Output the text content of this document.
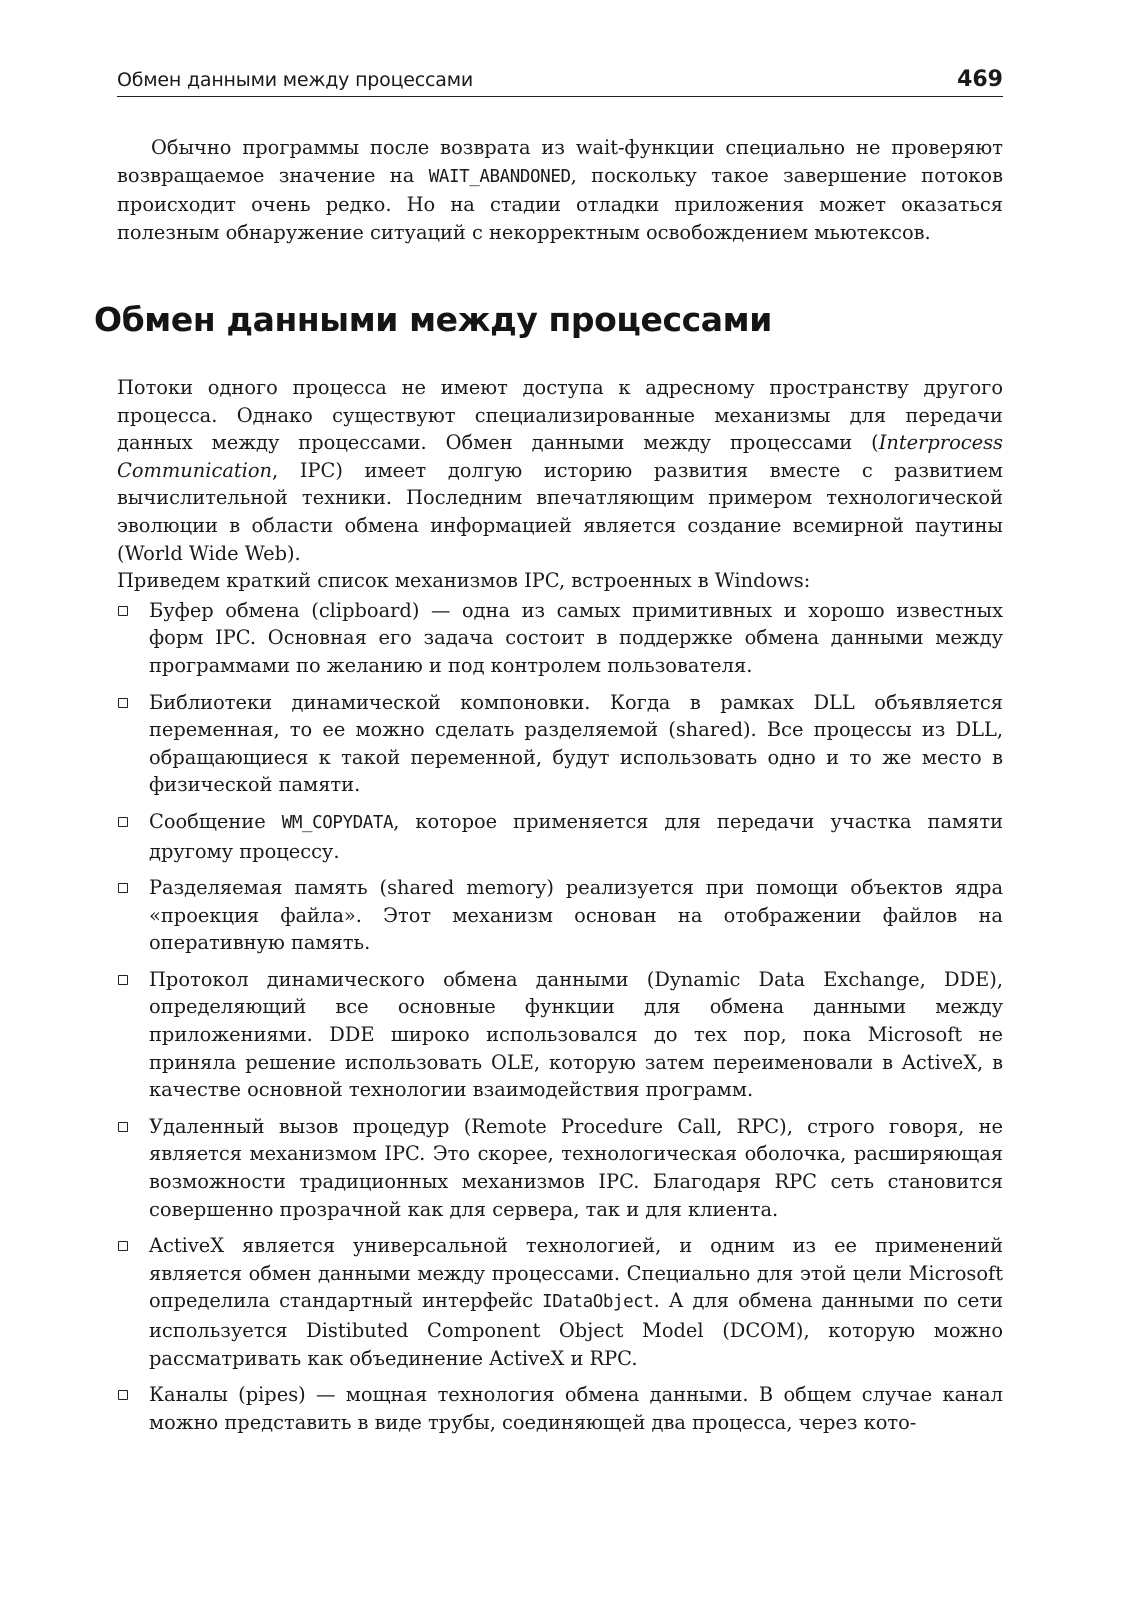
Обмен данными между процессами	469

Обычно программы после возврата из wait-функции специально не проверяют возвращаемое значение на WAIT_ABANDONED, поскольку такое завершение потоков происходит очень редко. Но на стадии отладки приложения может оказаться полезным обнаружение ситуаций с некорректным освобождением мьютексов.

Обмен данными между процессами

Потоки одного процесса не имеют доступа к адресному пространству другого процесса. Однако существуют специализированные механизмы для передачи данных между процессами. Обмен данными между процессами (Interprocess Communication, IPC) имеет долгую историю развития вместе с развитием вычислительной техники. Последним впечатляющим примером технологической эволюции в области обмена информацией является создание всемирной паутины (World Wide Web).

Приведем краткий список механизмов IPC, встроенных в Windows:

Буфер обмена (clipboard) — одна из самых примитивных и хорошо известных форм IPC. Основная его задача состоит в поддержке обмена данными между программами по желанию и под контролем пользователя.
Библиотеки динамической компоновки. Когда в рамках DLL объявляется переменная, то ее можно сделать разделяемой (shared). Все процессы из DLL, обращающиеся к такой переменной, будут использовать одно и то же место в физической памяти.
Сообщение WM_COPYDATA, которое применяется для передачи участка памяти другому процессу.
Разделяемая память (shared memory) реализуется при помощи объектов ядра «проекция файла». Этот механизм основан на отображении файлов на оперативную память.
Протокол динамического обмена данными (Dynamic Data Exchange, DDE), определяющий все основные функции для обмена данными между приложениями. DDE широко использовался до тех пор, пока Microsoft не приняла решение использовать OLE, которую затем переименовали в ActiveX, в качестве основной технологии взаимодействия программ.
Удаленный вызов процедур (Remote Procedure Call, RPC), строго говоря, не является механизмом IPC. Это скорее, технологическая оболочка, расширяющая возможности традиционных механизмов IPC. Благодаря RPC сеть становится совершенно прозрачной как для сервера, так и для клиента.
ActiveX является универсальной технологией, и одним из ее применений является обмен данными между процессами. Специально для этой цели Microsoft определила стандартный интерфейс IDataObject. А для обмена данными по сети используется Distibuted Component Object Model (DCOM), которую можно рассматривать как объединение ActiveX и RPC.
Каналы (pipes) — мощная технология обмена данными. В общем случае канал можно представить в виде трубы, соединяющей два процесса, через кото-
